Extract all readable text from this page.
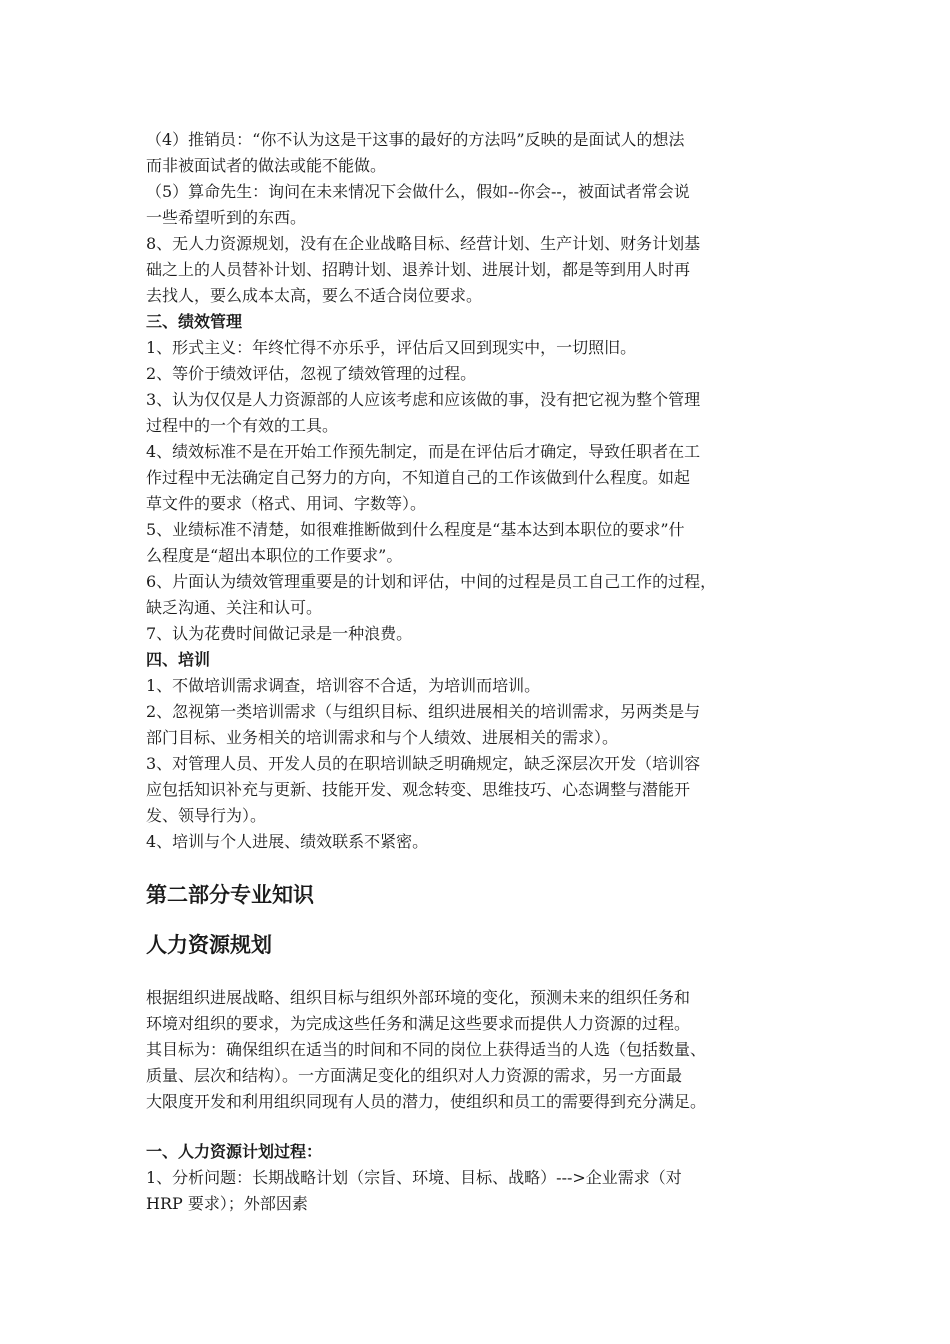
（4）推销员：“你不认为这是干这事的最好的方法吗”反映的是面试人的想法
而非被面试者的做法或能不能做。

（5）算命先生：询问在未来情况下会做什么，假如--你会--，被面试者常会说
一些希望听到的东西。

8、无人力资源规划，没有在企业战略目标、经营计划、生产计划、财务计划基
础之上的人员替补计划、招聘计划、退养计划、进展计划，都是等到用人时再
去找人，要么成本太高，要么不适合岗位要求。

三、绩效管理

1、形式主义：年终忙得不亦乐乎，评估后又回到现实中，一切照旧。

2、等价于绩效评估，忽视了绩效管理的过程。

3、认为仅仅是人力资源部的人应该考虑和应该做的事，没有把它视为整个管理
过程中的一个有效的工具。

4、绩效标准不是在开始工作预先制定，而是在评估后才确定，导致任职者在工
作过程中无法确定自己努力的方向，不知道自己的工作该做到什么程度。如起
草文件的要求（格式、用词、字数等）。

5、业绩标准不清楚，如很难推断做到什么程度是“基本达到本职位的要求”什
么程度是“超出本职位的工作要求”。

6、片面认为绩效管理重要是的计划和评估，中间的过程是员工自己工作的过程，
缺乏沟通、关注和认可。

7、认为花费时间做记录是一种浪费。

四、培训

1、不做培训需求调查，培训容不合适，为培训而培训。

2、忽视第一类培训需求（与组织目标、组织进展相关的培训需求，另两类是与
部门目标、业务相关的培训需求和与个人绩效、进展相关的需求）。

3、对管理人员、开发人员的在职培训缺乏明确规定，缺乏深层次开发（培训容
应包括知识补充与更新、技能开发、观念转变、思维技巧、心态调整与潜能开
发、领导行为）。

4、培训与个人进展、绩效联系不紧密。

第二部分专业知识

人力资源规划

根据组织进展战略、组织目标与组织外部环境的变化，预测未来的组织任务和
环境对组织的要求，为完成这些任务和满足这些要求而提供人力资源的过程。
其目标为：确保组织在适当的时间和不同的岗位上获得适当的人选（包括数量、
质量、层次和结构）。一方面满足变化的组织对人力资源的需求，另一方面最
大限度开发和利用组织同现有人员的潜力，使组织和员工的需要得到充分满足。

一、人力资源计划过程：

1、分析问题：长期战略计划（宗旨、环境、目标、战略）--->企业需求（对
HRP 要求）；外部因素
